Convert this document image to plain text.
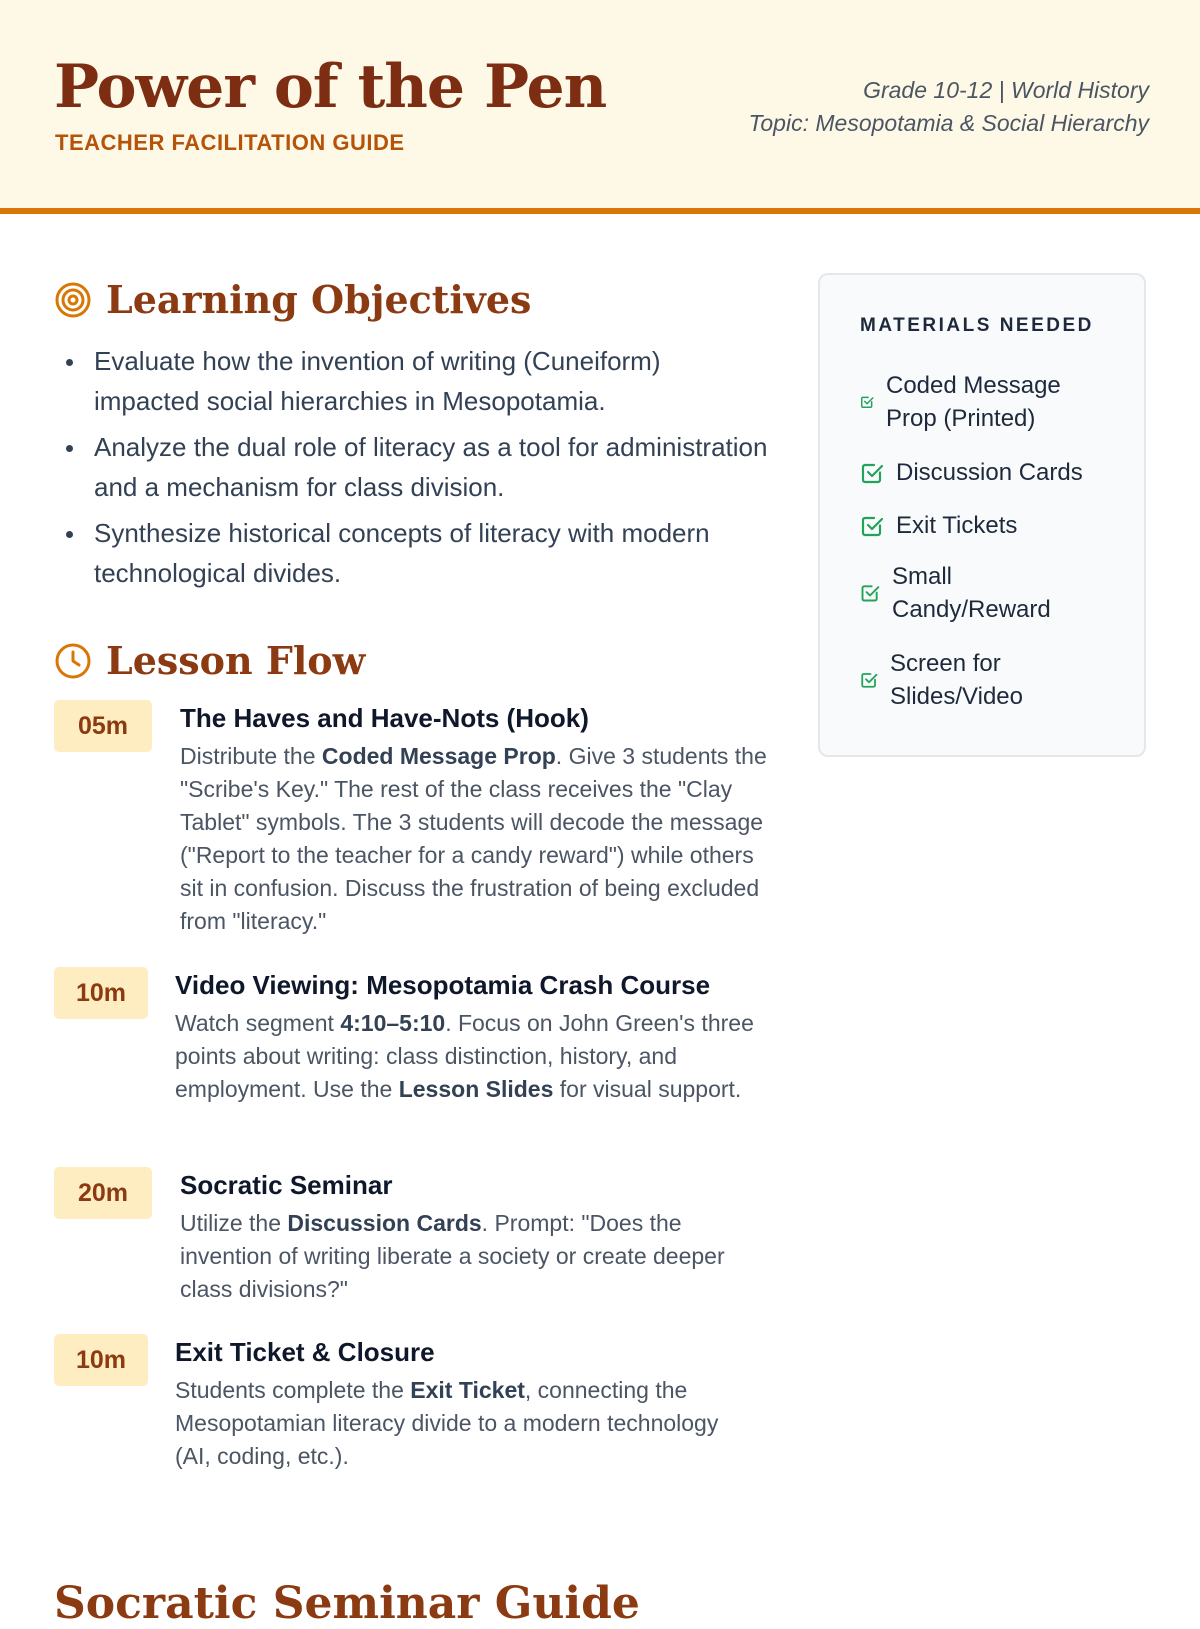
Power of the Pen
TEACHER FACILITATION GUIDE
Grade 10-12 | World History
Topic: Mesopotamia & Social Hierarchy
Learning Objectives
Evaluate how the invention of writing (Cuneiform) impacted social hierarchies in Mesopotamia.
Analyze the dual role of literacy as a tool for administration and a mechanism for class division.
Synthesize historical concepts of literacy with modern technological divides.
Lesson Flow
05m	The Haves and Have-Nots (Hook)
Distribute the Coded Message Prop. Give 3 students the "Scribe's Key." The rest of the class receives the "Clay Tablet" symbols. The 3 students will decode the message ("Report to the teacher for a candy reward") while others sit in confusion. Discuss the frustration of being excluded from "literacy."
10m	Video Viewing: Mesopotamia Crash Course
Watch segment 4:10–5:10. Focus on John Green's three points about writing: class distinction, history, and employment. Use the Lesson Slides for visual support.
20m	Socratic Seminar
Utilize the Discussion Cards. Prompt: "Does the invention of writing liberate a society or create deeper class divisions?"
10m	Exit Ticket & Closure
Students complete the Exit Ticket, connecting the Mesopotamian literacy divide to a modern technology (AI, coding, etc.).
MATERIALS NEEDED
Coded Message Prop (Printed)
Discussion Cards
Exit Tickets
Small Candy/Reward
Screen for Slides/Video
Socratic Seminar Guide
